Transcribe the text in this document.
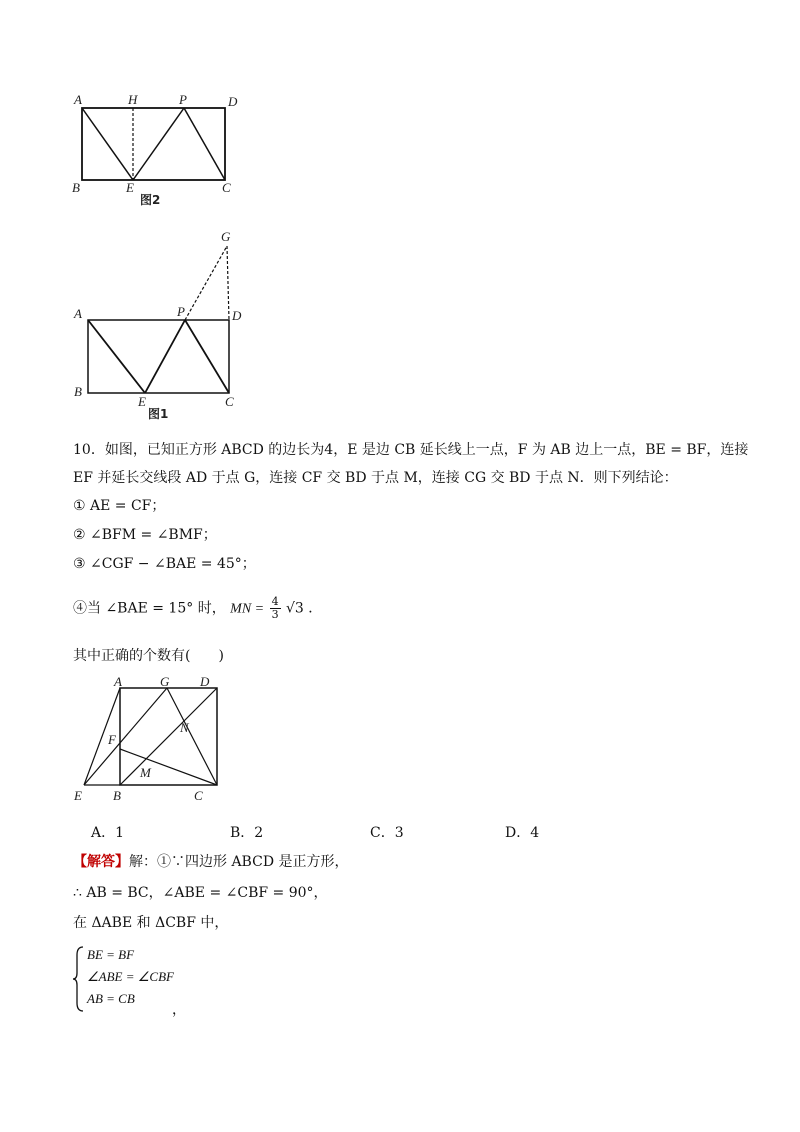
A	H	P	D
B	E	C
图2
G
A	P	D
B
E	C
图1
10．如图，已知正方形 ABCD 的边长为4，E 是边 CB 延长线上一点，F 为 AB 边上一点，BE = BF，连接
EF 并延长交线段 AD 于点 G，连接 CF 交 BD 于点 M，连接 CG 交 BD 于点 N．则下列结论：
① AE = CF；
② ∠BFM = ∠BMF；
③ ∠CGF − ∠BAE = 45°；
④当 ∠BAE = 15° 时， MN = $\frac{4}{3} √3$ ．
其中正确的个数有(　　)
A	G D
F
N
M
E B	C
A．1	B．2	C．3	D．4
【解答】解：①∵四边形 ABCD 是正方形，
∴ AB = BC，∠ABE = ∠CBF = 90°，
在 ΔABE 和 ΔCBF 中，
BE = BF
∠ABE = ∠CBF
AB = CB
，
